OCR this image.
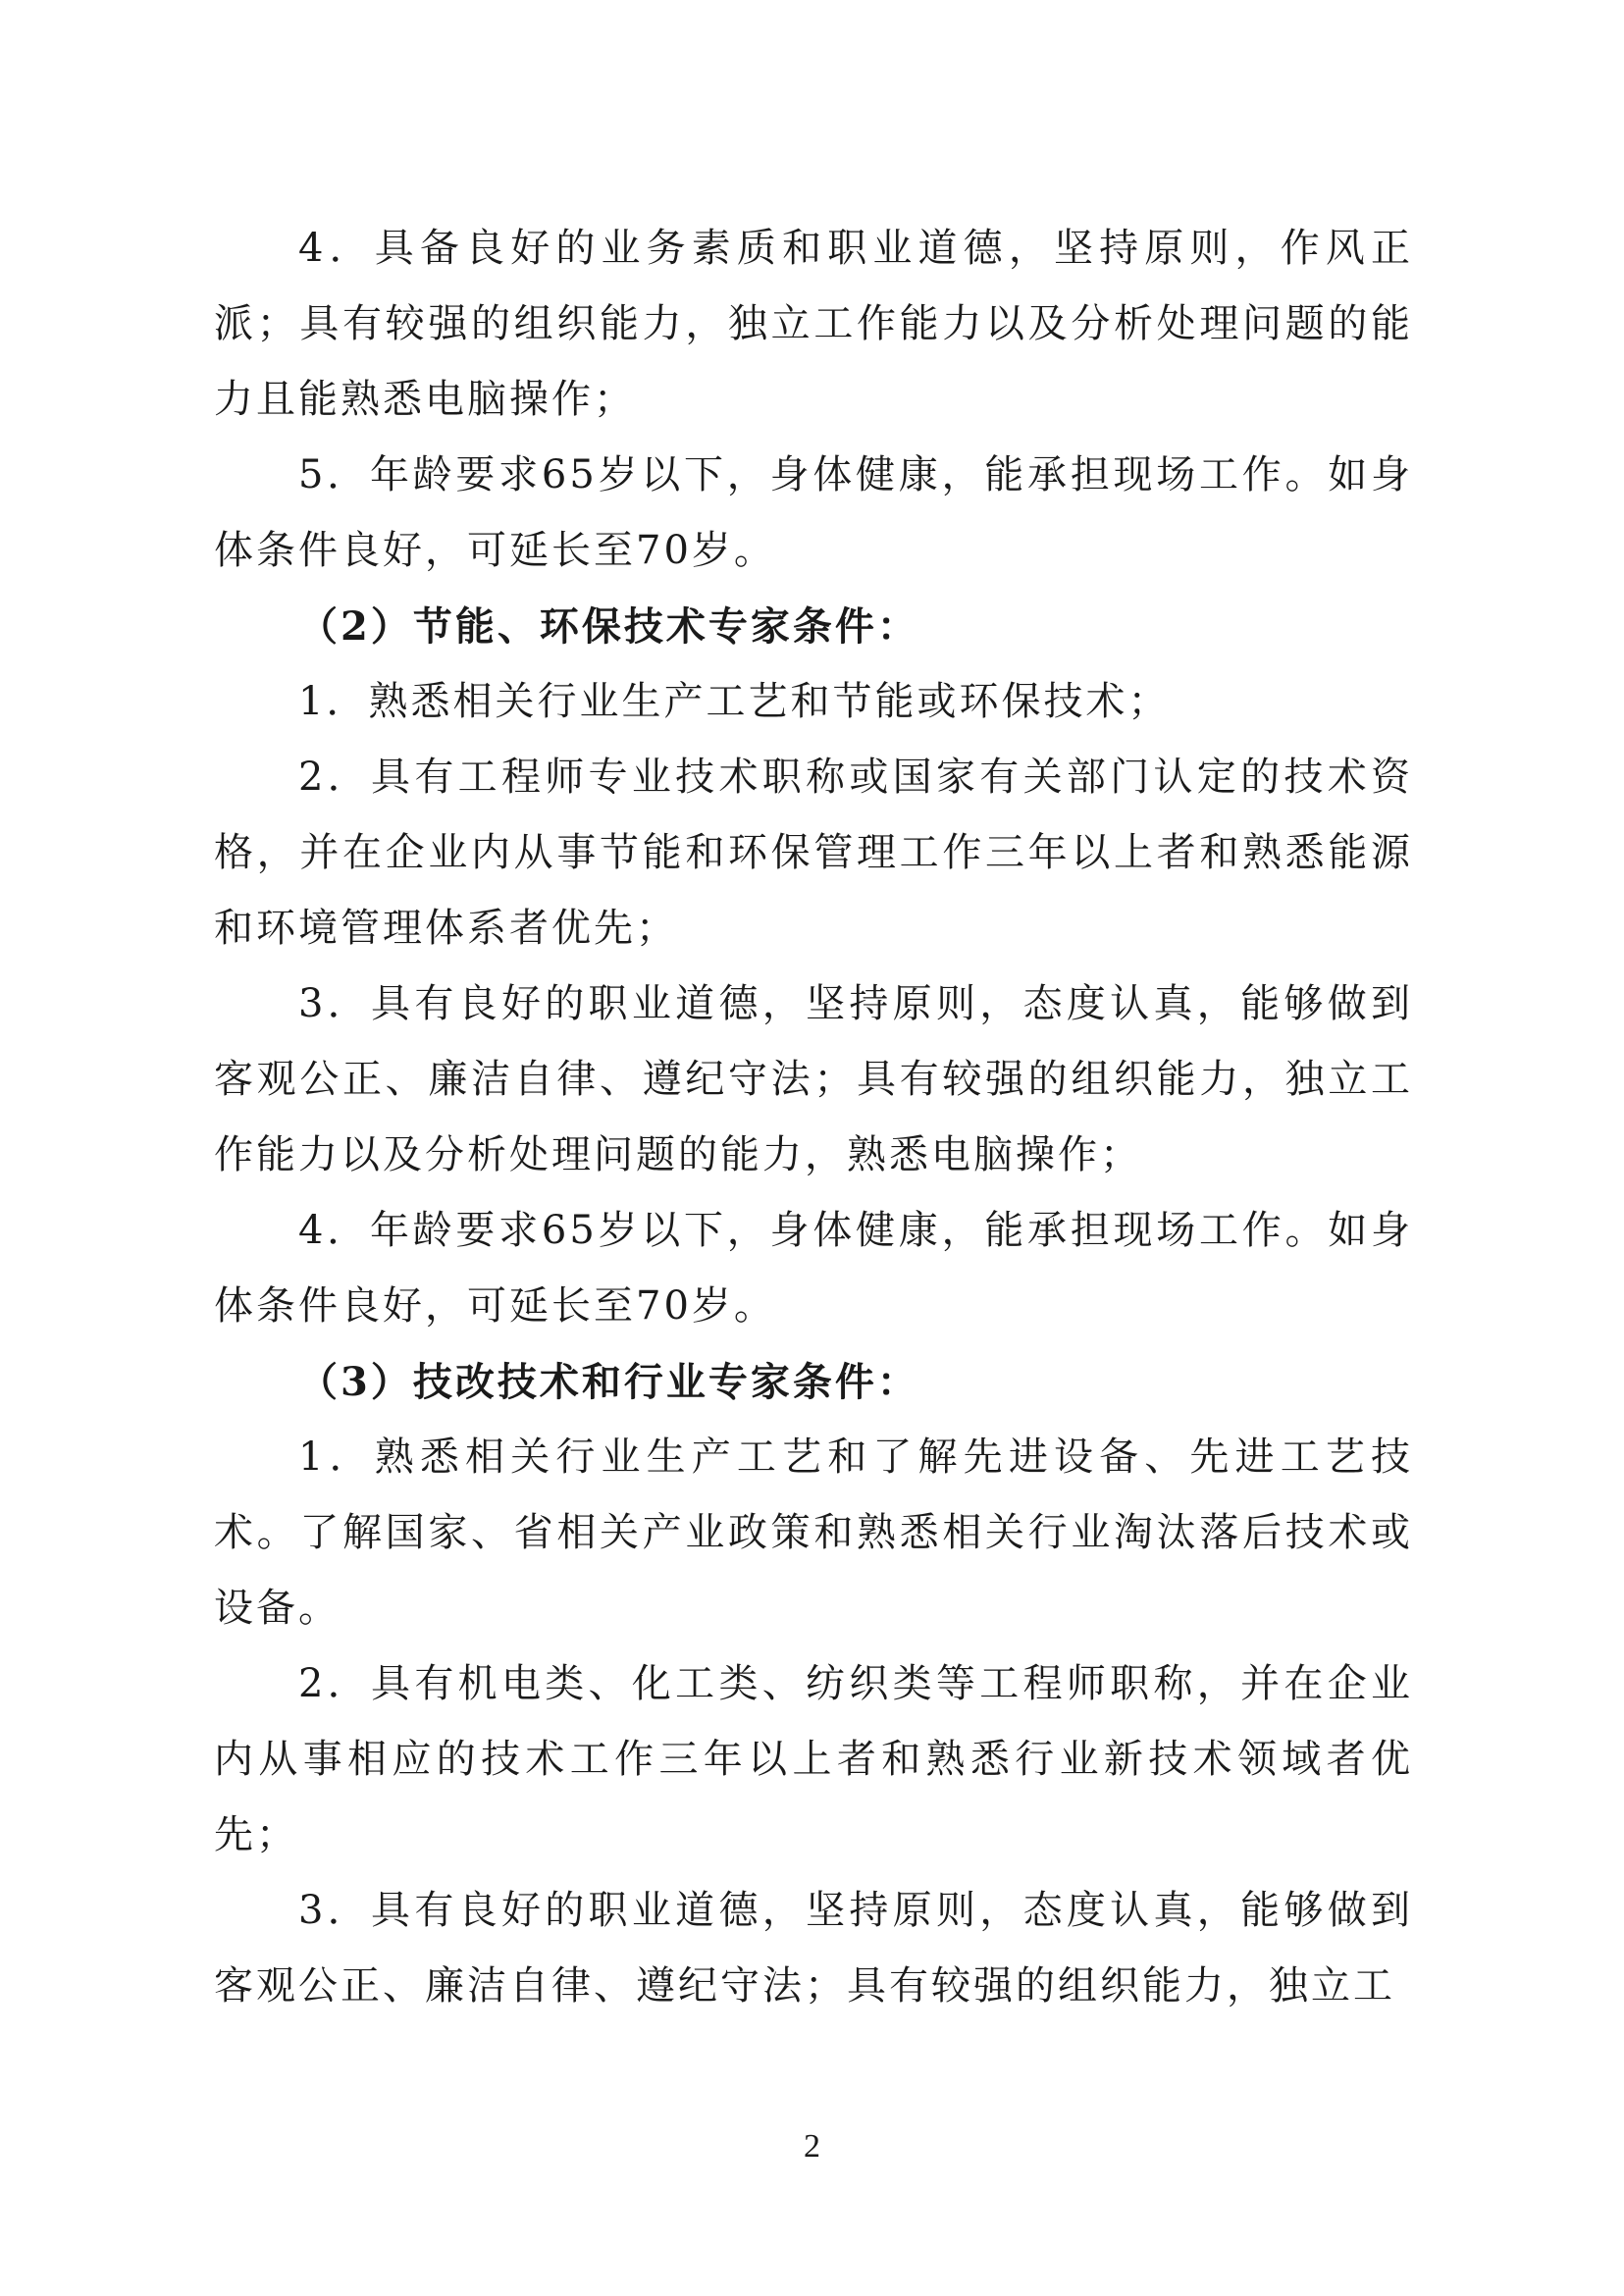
4．具备良好的业务素质和职业道德，坚持原则，作风正派；具有较强的组织能力，独立工作能力以及分析处理问题的能力且能熟悉电脑操作；

5．年龄要求65岁以下，身体健康，能承担现场工作。如身体条件良好，可延长至70岁。

（2）节能、环保技术专家条件：

1．熟悉相关行业生产工艺和节能或环保技术；

2．具有工程师专业技术职称或国家有关部门认定的技术资格，并在企业内从事节能和环保管理工作三年以上者和熟悉能源和环境管理体系者优先；

3．具有良好的职业道德，坚持原则，态度认真，能够做到客观公正、廉洁自律、遵纪守法；具有较强的组织能力，独立工作能力以及分析处理问题的能力，熟悉电脑操作；

4．年龄要求65岁以下，身体健康，能承担现场工作。如身体条件良好，可延长至70岁。

（3）技改技术和行业专家条件：

1．熟悉相关行业生产工艺和了解先进设备、先进工艺技术。了解国家、省相关产业政策和熟悉相关行业淘汰落后技术或设备。

2．具有机电类、化工类、纺织类等工程师职称，并在企业内从事相应的技术工作三年以上者和熟悉行业新技术领域者优先；

3．具有良好的职业道德，坚持原则，态度认真，能够做到客观公正、廉洁自律、遵纪守法；具有较强的组织能力，独立工

2
